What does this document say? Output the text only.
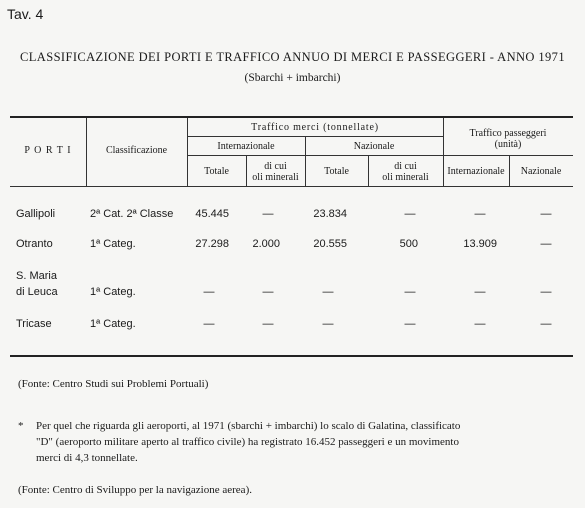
Tav. 4
CLASSIFICAZIONE DEI PORTI E TRAFFICO ANNUO DI MERCI E PASSEGGERI - ANNO 1971
(Sbarchi + imbarchi)
P O R T I	Classificazione
Traffico merci (tonnellate)
Internazionale	Nazionale
Traffico passeggeri
(unità)
Totale	di cui
oli minerali
Totale	di cui
oli minerali
Internazionale	Nazionale
Gallipoli	2ª Cat. 2ª Classe	45.445	—	23.834	—	—	—
Otranto	1ª Categ.	27.298	2.000	20.555	500	13.909	—
S. Maria
di Leuca	1ª Categ.	—	—	—	—	—	—
Tricase	1ª Categ.	—	—	—	—	—	—
(Fonte: Centro Studi sui Problemi Portuali)
* Per quel che riguarda gli aeroporti, al 1971 (sbarchi + imbarchi) lo scalo di Galatina, classificato
"D" (aeroporto militare aperto al traffico civile) ha registrato 16.452 passeggeri e un movimento
merci di 4,3 tonnellate.
(Fonte: Centro di Sviluppo per la navigazione aerea).
